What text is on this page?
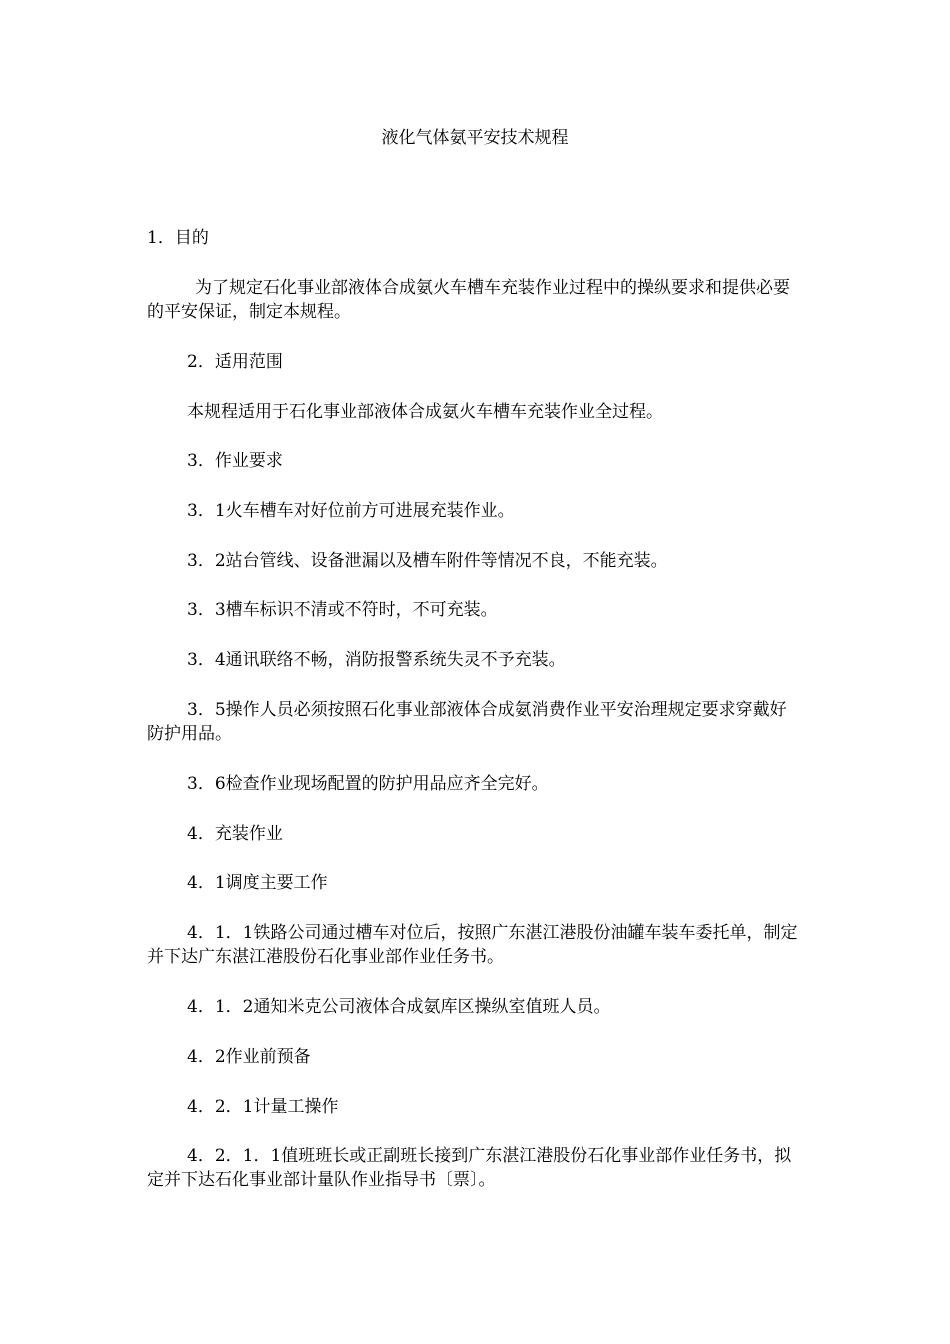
液化气体氨平安技术规程

1．目的

为了规定石化事业部液体合成氨火车槽车充装作业过程中的操纵要求和提供必要的平安保证，制定本规程。

2．适用范围

本规程适用于石化事业部液体合成氨火车槽车充装作业全过程。

3．作业要求

3．1火车槽车对好位前方可进展充装作业。

3．2站台管线、设备泄漏以及槽车附件等情况不良，不能充装。

3．3槽车标识不清或不符时，不可充装。

3．4通讯联络不畅，消防报警系统失灵不予充装。

3．5操作人员必须按照石化事业部液体合成氨消费作业平安治理规定要求穿戴好防护用品。

3．6检查作业现场配置的防护用品应齐全完好。

4．充装作业

4．1调度主要工作

4．1．1铁路公司通过槽车对位后，按照广东湛江港股份油罐车装车委托单，制定并下达广东湛江港股份石化事业部作业任务书。

4．1．2通知米克公司液体合成氨库区操纵室值班人员。

4．2作业前预备

4．2．1计量工操作

4．2．1．1值班班长或正副班长接到广东湛江港股份石化事业部作业任务书，拟定并下达石化事业部计量队作业指导书〔票〕。
